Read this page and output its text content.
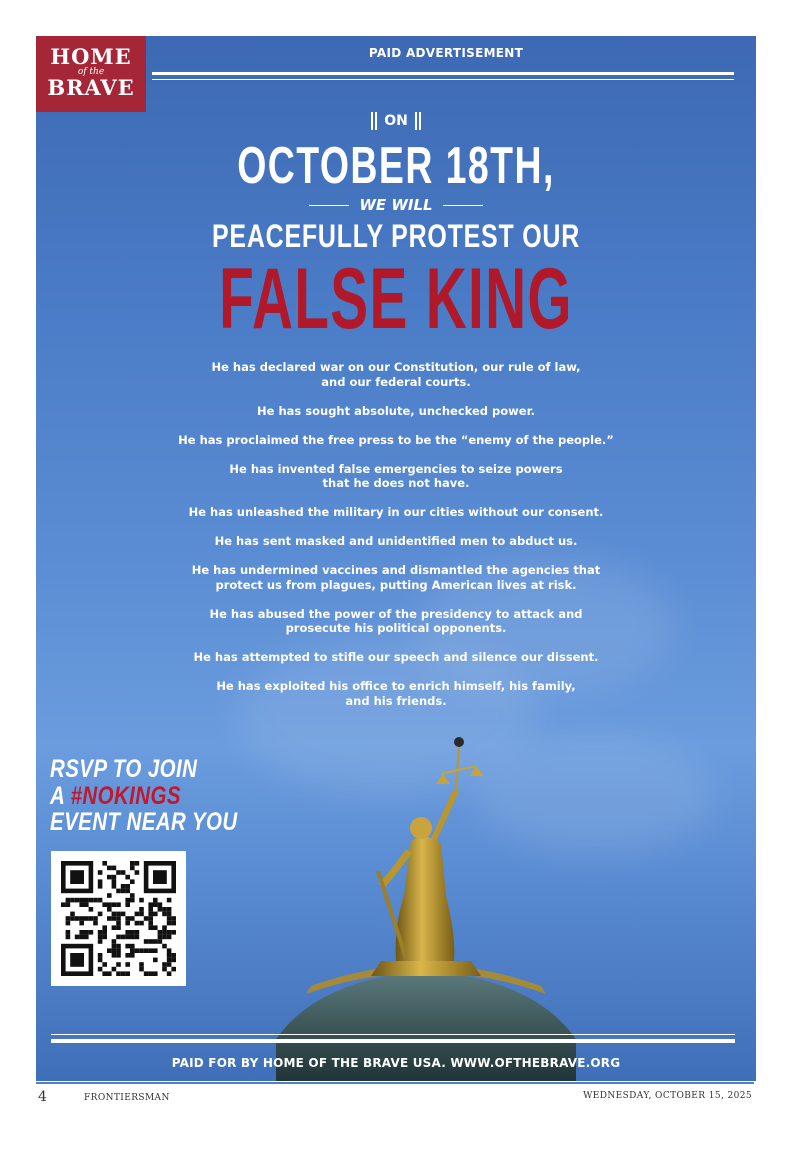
HOME
of the
BRAVE
PAID ADVERTISEMENT
ON
OCTOBER 18TH,
WE WILL
PEACEFULLY PROTEST OUR
FALSE KING

He has declared war on our Constitution, our rule of law,
and our federal courts.

He has sought absolute, unchecked power.

He has proclaimed the free press to be the “enemy of the people.”

He has invented false emergencies to seize powers
that he does not have.

He has unleashed the military in our cities without our consent.

He has sent masked and unidentified men to abduct us.

He has undermined vaccines and dismantled the agencies that
protect us from plagues, putting American lives at risk.

He has abused the power of the presidency to attack and
prosecute his political opponents.

He has attempted to stifle our speech and silence our dissent.

He has exploited his office to enrich himself, his family,
and his friends.

RSVP TO JOIN
A #NOKINGS
EVENT NEAR YOU
PAID FOR BY HOME OF THE BRAVE USA. WWW.OFTHEBRAVE.ORG
4	FRONTIERSMAN	WEDNESDAY, OCTOBER 15, 2025
